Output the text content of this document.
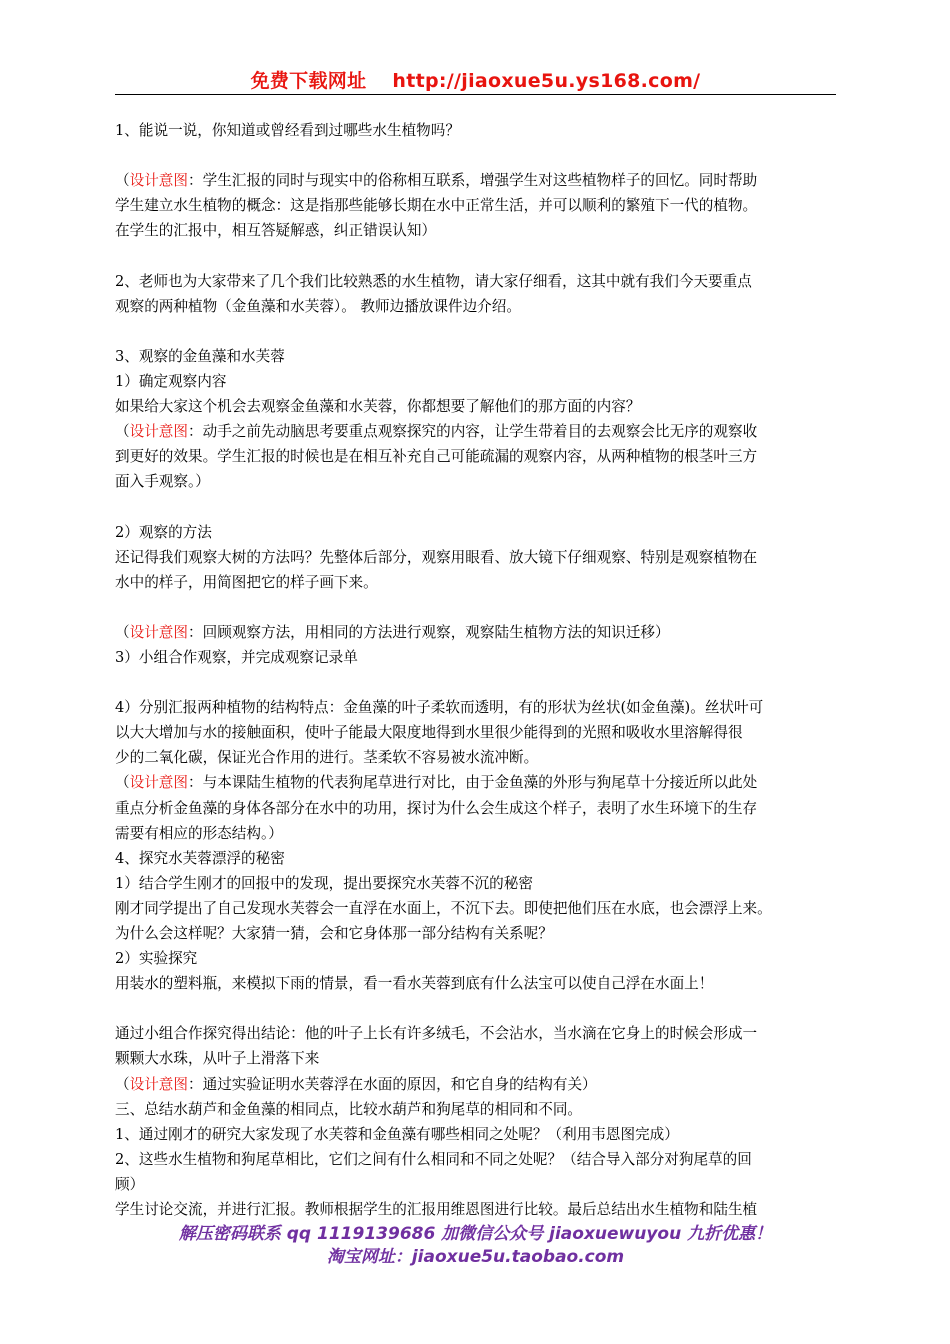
免费下载网址 http://jiaoxue5u.ys168.com/
1、能说一说，你知道或曾经看到过哪些水生植物吗？
（设计意图：学生汇报的同时与现实中的俗称相互联系，增强学生对这些植物样子的回忆。同时帮助
学生建立水生植物的概念：这是指那些能够长期在水中正常生活，并可以顺利的繁殖下一代的植物。
在学生的汇报中，相互答疑解惑，纠正错误认知）
2、老师也为大家带来了几个我们比较熟悉的水生植物，请大家仔细看，这其中就有我们今天要重点
观察的两种植物（金鱼藻和水芙蓉）。 教师边播放课件边介绍。
3、观察的金鱼藻和水芙蓉
1）确定观察内容
如果给大家这个机会去观察金鱼藻和水芙蓉，你都想要了解他们的那方面的内容？
（设计意图：动手之前先动脑思考要重点观察探究的内容，让学生带着目的去观察会比无序的观察收
到更好的效果。学生汇报的时候也是在相互补充自己可能疏漏的观察内容，从两种植物的根茎叶三方
面入手观察。）
2）观察的方法
还记得我们观察大树的方法吗？先整体后部分，观察用眼看、放大镜下仔细观察、特别是观察植物在
水中的样子，用简图把它的样子画下来。
（设计意图：回顾观察方法，用相同的方法进行观察，观察陆生植物方法的知识迁移）
3）小组合作观察，并完成观察记录单
4）分别汇报两种植物的结构特点：金鱼藻的叶子柔软而透明，有的形状为丝状(如金鱼藻)。丝状叶可
以大大增加与水的接触面积，使叶子能最大限度地得到水里很少能得到的光照和吸收水里溶解得很
少的二氧化碳，保证光合作用的进行。茎柔软不容易被水流冲断。
（设计意图：与本课陆生植物的代表狗尾草进行对比，由于金鱼藻的外形与狗尾草十分接近所以此处
重点分析金鱼藻的身体各部分在水中的功用，探讨为什么会生成这个样子，表明了水生环境下的生存
需要有相应的形态结构。）
4、探究水芙蓉漂浮的秘密
1）结合学生刚才的回报中的发现，提出要探究水芙蓉不沉的秘密
刚才同学提出了自己发现水芙蓉会一直浮在水面上，不沉下去。即使把他们压在水底，也会漂浮上来。
为什么会这样呢？大家猜一猜，会和它身体那一部分结构有关系呢？
2）实验探究
用装水的塑料瓶，来模拟下雨的情景，看一看水芙蓉到底有什么法宝可以使自己浮在水面上！
通过小组合作探究得出结论：他的叶子上长有许多绒毛，不会沾水，当水滴在它身上的时候会形成一
颗颗大水珠，从叶子上滑落下来
（设计意图：通过实验证明水芙蓉浮在水面的原因，和它自身的结构有关）
三、总结水葫芦和金鱼藻的相同点，比较水葫芦和狗尾草的相同和不同。
1、通过刚才的研究大家发现了水芙蓉和金鱼藻有哪些相同之处呢？（利用韦恩图完成）
2、这些水生植物和狗尾草相比，它们之间有什么相同和不同之处呢？（结合导入部分对狗尾草的回
顾）
学生讨论交流，并进行汇报。教师根据学生的汇报用维恩图进行比较。最后总结出水生植物和陆生植
解压密码联系 qq 1119139686 加微信公众号 jiaoxuewuyou 九折优惠！
淘宝网址：jiaoxue5u.taobao.com
